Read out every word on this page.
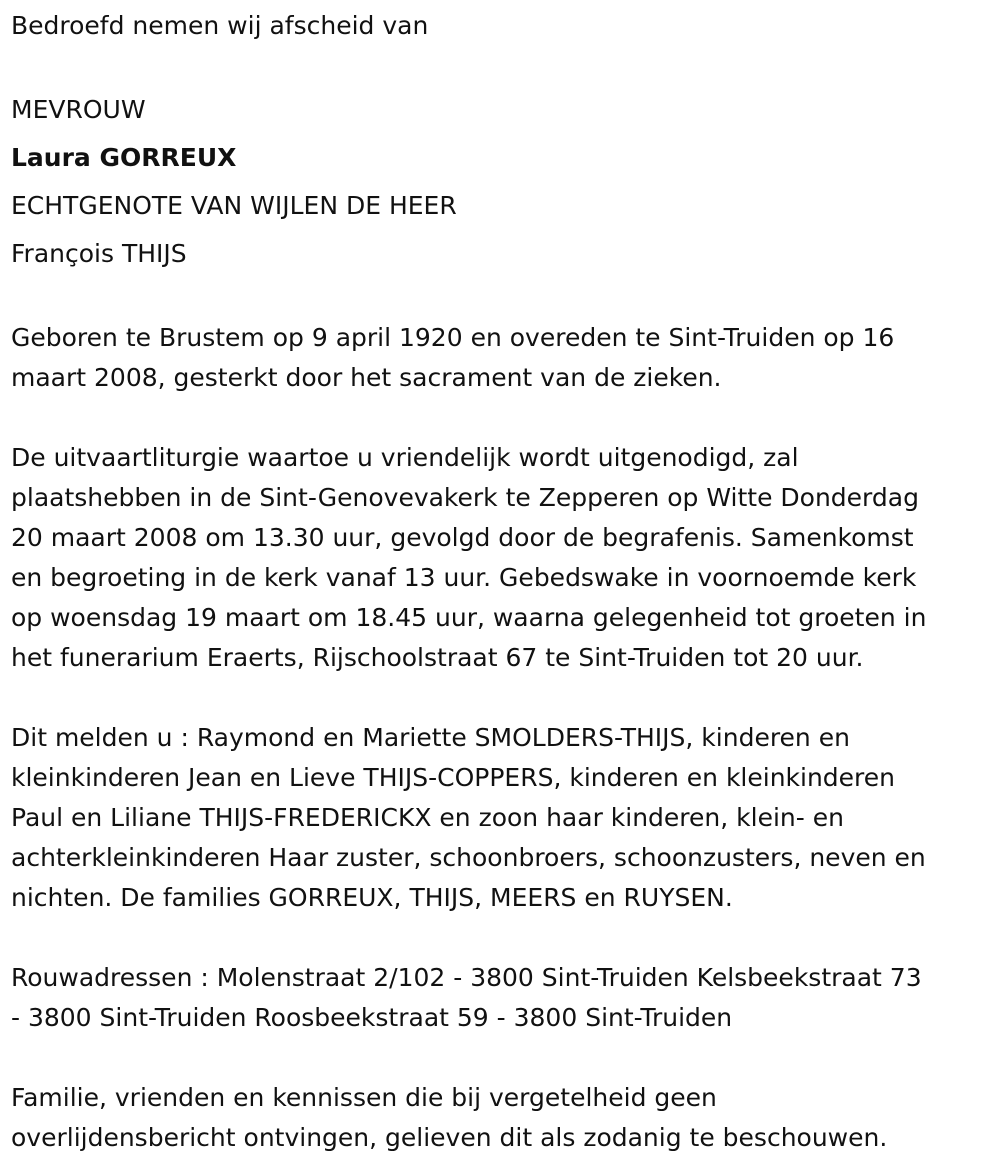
Bedroefd nemen wij afscheid van

MEVROUW

Laura GORREUX

ECHTGENOTE VAN WIJLEN DE HEER

François THIJS

Geboren te Brustem op 9 april 1920 en overeden te Sint-Truiden op 16
maart 2008, gesterkt door het sacrament van de zieken.

De uitvaartliturgie waartoe u vriendelijk wordt uitgenodigd, zal
plaatshebben in de Sint-Genovevakerk te Zepperen op Witte Donderdag
20 maart 2008 om 13.30 uur, gevolgd door de begrafenis. Samenkomst
en begroeting in de kerk vanaf 13 uur. Gebedswake in voornoemde kerk
op woensdag 19 maart om 18.45 uur, waarna gelegenheid tot groeten in
het funerarium Eraerts, Rijschoolstraat 67 te Sint-Truiden tot 20 uur.

Dit melden u : Raymond en Mariette SMOLDERS-THIJS, kinderen en
kleinkinderen Jean en Lieve THIJS-COPPERS, kinderen en kleinkinderen
Paul en Liliane THIJS-FREDERICKX en zoon haar kinderen, klein- en
achterkleinkinderen Haar zuster, schoonbroers, schoonzusters, neven en
nichten. De families GORREUX, THIJS, MEERS en RUYSEN.

Rouwadressen : Molenstraat 2/102 - 3800 Sint-Truiden Kelsbeekstraat 73
- 3800 Sint-Truiden Roosbeekstraat 59 - 3800 Sint-Truiden

Familie, vrienden en kennissen die bij vergetelheid geen
overlijdensbericht ontvingen, gelieven dit als zodanig te beschouwen.
